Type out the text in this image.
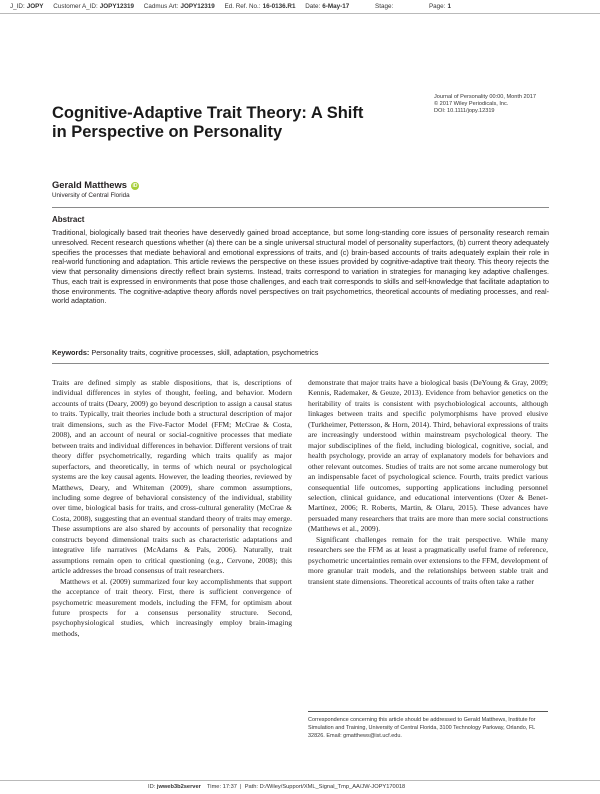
J_ID: JOPY Customer A_ID: JOPY12319 Cadmus Art: JOPY12319 Ed. Ref. No.: 16-0136.R1 Date: 6-May-17	Stage:	Page: 1
Cognitive-Adaptive Trait Theory: A Shift in Perspective on Personality
Journal of Personality 00:00, Month 2017
© 2017 Wiley Periodicals, Inc.
DOI: 10.1111/jopy.12319
Gerald Matthews iD
University of Central Florida
Abstract
Traditional, biologically based trait theories have deservedly gained broad acceptance, but some long-standing core issues of personality research remain unresolved. Recent research questions whether (a) there can be a single universal structural model of personality superfactors, (b) current theory adequately specifies the processes that mediate behavioral and emotional expressions of traits, and (c) brain-based accounts of traits adequately explain their role in real-world functioning and adaptation. This article reviews the perspective on these issues provided by cognitive-adaptive trait theory. This theory rejects the view that personality dimensions directly reflect brain systems. Instead, traits correspond to variation in strategies for managing key adaptive challenges. Thus, each trait is expressed in environments that pose those challenges, and each trait corresponds to skills and self-knowledge that facilitate adaptation to those environments. The cognitive-adaptive theory affords novel perspectives on trait psychometrics, theoretical accounts of mediating processes, and real-world adaptation.
Keywords: Personality traits, cognitive processes, skill, adaptation, psychometrics

Traits are defined simply as stable dispositions, that is, descriptions of individual differences in styles of thought, feeling, and behavior. Modern accounts of traits (Deary, 2009) go beyond description to assign a causal status to traits. Typically, trait theories include both a structural description of major trait dimensions, such as the Five-Factor Model (FFM; McCrae & Costa, 2008), and an account of neural or social-cognitive processes that mediate between traits and individual differences in behavior. Different versions of trait theory differ psychometrically, regarding which traits qualify as major superfactors, and theoretically, in terms of which neural or psychological systems are the key causal agents. However, the leading theories, reviewed by Matthews, Deary, and Whiteman (2009), share common assumptions, including some degree of behavioral consistency of the individual, stability over time, biological basis for traits, and cross-cultural generality (McCrae & Costa, 2008), suggesting that an eventual standard theory of traits may emerge. These assumptions are also shared by accounts of personality that recognize constructs beyond dimensional traits such as characteristic adaptations and integrative life narratives (McAdams & Pals, 2006). Naturally, trait assumptions remain open to critical questioning (e.g., Cervone, 2008); this article addresses the broad consensus of trait researchers.

Matthews et al. (2009) summarized four key accomplishments that support the acceptance of trait theory. First, there is sufficient convergence of psychometric measurement models, including the FFM, for optimism about future prospects for a consensus personality structure. Second, psychophysiological studies, which increasingly employ brain-imaging methods,

demonstrate that major traits have a biological basis (DeYoung & Gray, 2009; Kennis, Rademaker, & Geuze, 2013). Evidence from behavior genetics on the heritability of traits is consistent with psychobiological accounts, although linkages between traits and specific polymorphisms have proved elusive (Turkheimer, Pettersson, & Horn, 2014). Third, behavioral expressions of traits are increasingly understood within mainstream psychological theory. The major subdisciplines of the field, including biological, cognitive, social, and health psychology, provide an array of explanatory models for behaviors and other relevant outcomes. Studies of traits are not some arcane numerology but an indispensable facet of psychological science. Fourth, traits predict various consequential life outcomes, supporting applications including personnel selection, clinical guidance, and educational interventions (Ozer & Benet-Martínez, 2006; R. Roberts, Martin, & Olaru, 2015). These advances have persuaded many researchers that traits are more than mere social constructions (Matthews et al., 2009).

Significant challenges remain for the trait perspective. While many researchers see the FFM as at least a pragmatically useful frame of reference, psychometric uncertainties remain over extensions to the FFM, development of more granular trait models, and the relationships between stable trait and transient state dimensions. Theoretical accounts of traits often take a rather

Correspondence concerning this article should be addressed to Gerald Matthews, Institute for Simulation and Training, University of Central Florida, 3100 Technology Parkway, Orlando, FL 32826. Email: gmatthews@ist.ucf.edu.
ID: jwweb3b2server Time: 17:37  |  Path: D:/Wiley/Support/XML_Signal_Tmp_AA/JW-JOPY170018
